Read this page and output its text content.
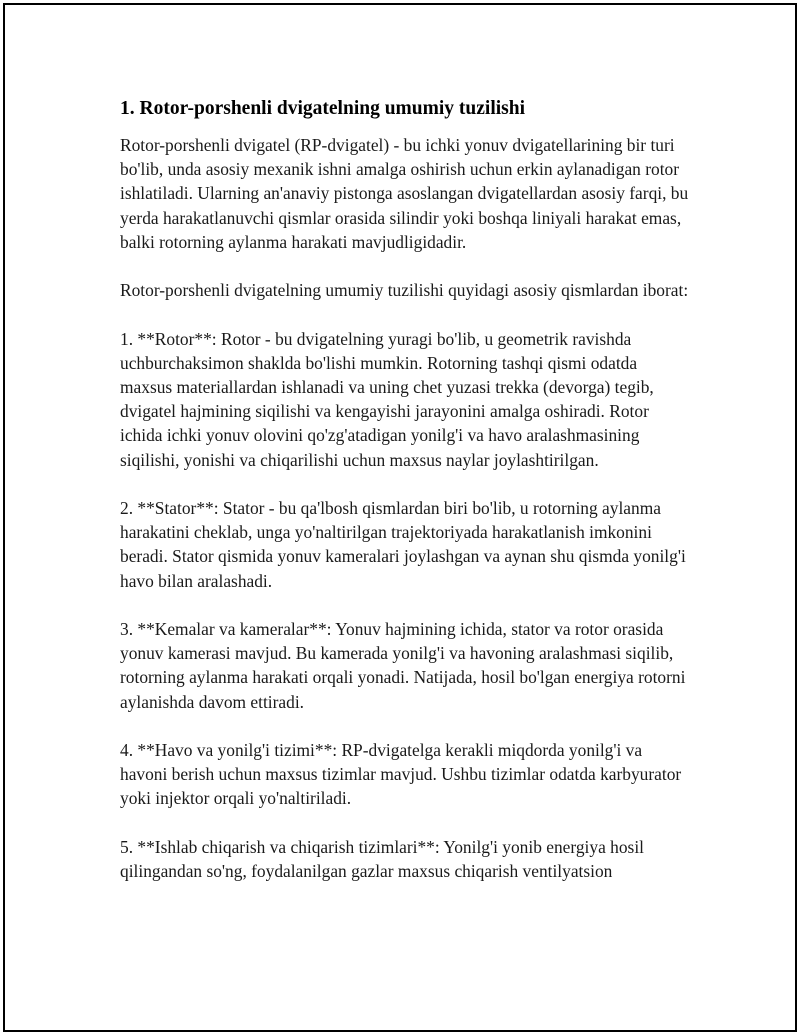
1. Rotor-porshenli dvigatelning umumiy tuzilishi

Rotor-porshenli dvigatel (RP-dvigatel) - bu ichki yonuv dvigatellarining bir turi bo'lib, unda asosiy mexanik ishni amalga oshirish uchun erkin aylanadigan rotor ishlatiladi. Ularning an'anaviy pistonga asoslangan dvigatellardan asosiy farqi, bu yerda harakatlanuvchi qismlar orasida silindir yoki boshqa liniyali harakat emas, balki rotorning aylanma harakati mavjudligidadir.

Rotor-porshenli dvigatelning umumiy tuzilishi quyidagi asosiy qismlardan iborat:

1. **Rotor**: Rotor - bu dvigatelning yuragi bo'lib, u geometrik ravishda uchburchaksimon shaklda bo'lishi mumkin. Rotorning tashqi qismi odatda maxsus materiallardan ishlanadi va uning chet yuzasi trekka (devorga) tegib, dvigatel hajmining siqilishi va kengayishi jarayonini amalga oshiradi. Rotor ichida ichki yonuv olovini qo'zg'atadigan yonilg'i va havo aralashmasining siqilishi, yonishi va chiqarilishi uchun maxsus naylar joylashtirilgan.

2. **Stator**: Stator - bu qa'lbosh qismlardan biri bo'lib, u rotorning aylanma harakatini cheklab, unga yo'naltirilgan trajektoriyada harakatlanish imkonini beradi. Stator qismida yonuv kameralari joylashgan va aynan shu qismda yonilg'i havo bilan aralashadi.

3. **Kemalar va kameralar**: Yonuv hajmining ichida, stator va rotor orasida yonuv kamerasi mavjud. Bu kamerada yonilg'i va havoning aralashmasi siqilib, rotorning aylanma harakati orqali yonadi. Natijada, hosil bo'lgan energiya rotorni aylanishda davom ettiradi.

4. **Havo va yonilg'i tizimi**: RP-dvigatelga kerakli miqdorda yonilg'i va havoni berish uchun maxsus tizimlar mavjud. Ushbu tizimlar odatda karbyurator yoki injektor orqali yo'naltiriladi.

5. **Ishlab chiqarish va chiqarish tizimlari**: Yonilg'i yonib energiya hosil qilingandan so'ng, foydalanilgan gazlar maxsus chiqarish ventilyatsion
